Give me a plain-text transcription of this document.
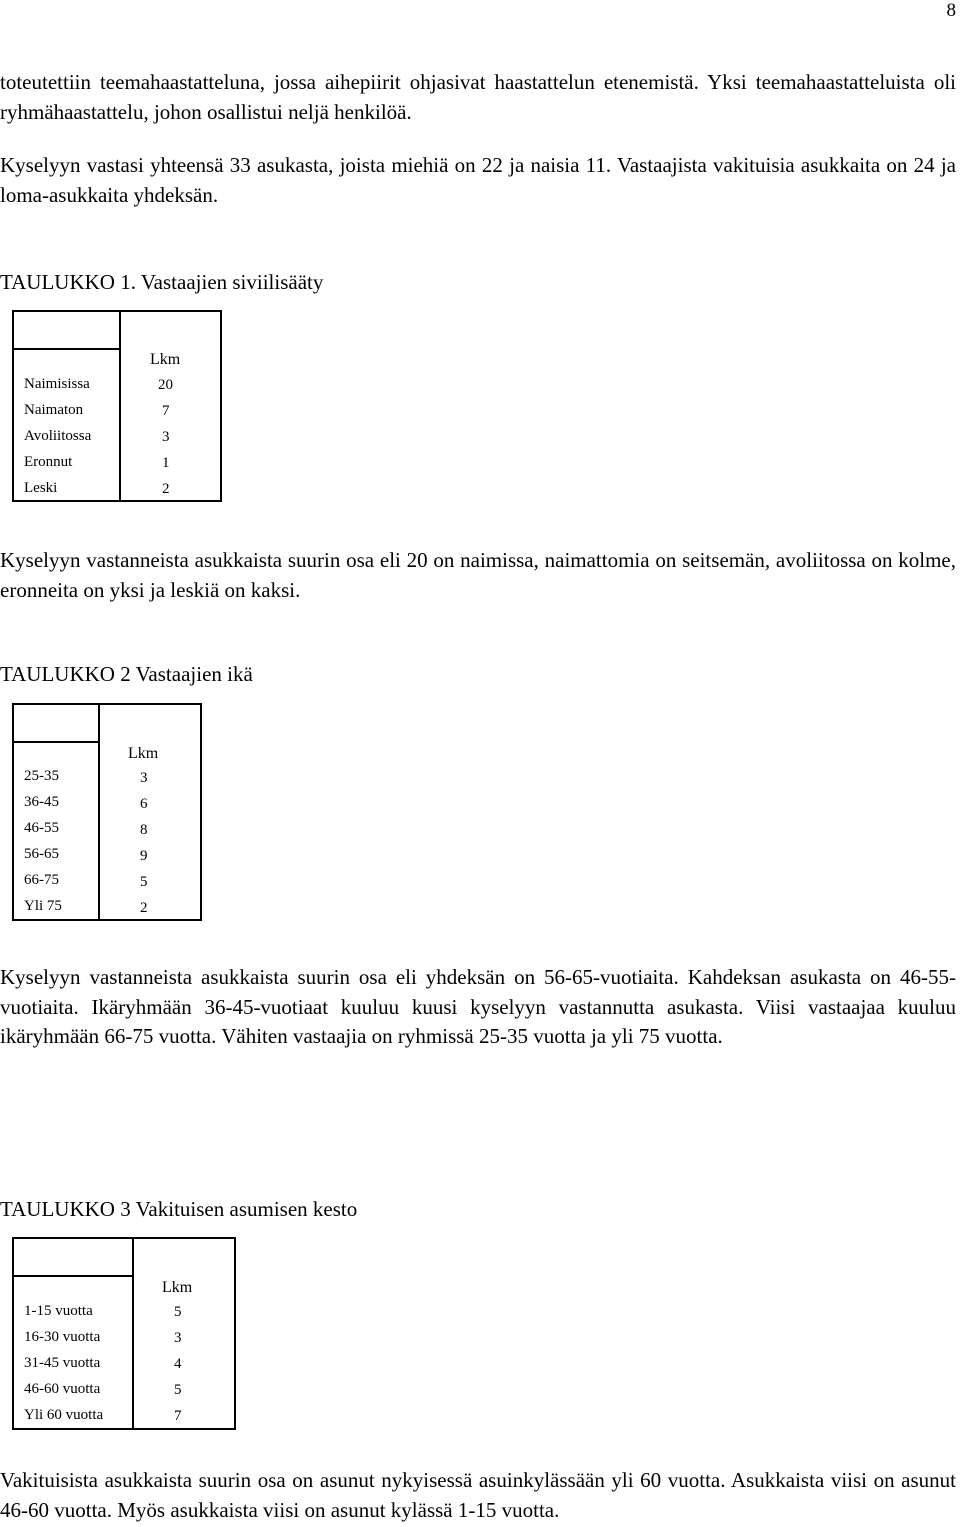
8

toteutettiin teemahaastatteluna, jossa aihepiirit ohjasivat haastattelun etenemistä. Yksi teemahaastatteluista oli ryhmähaastattelu, johon osallistui neljä henkilöä.

Kyselyyn vastasi yhteensä 33 asukasta, joista miehiä on 22 ja naisia 11. Vastaajista vakituisia asukkaita on 24 ja loma-asukkaita yhdeksän.

TAULUKKO 1. Vastaajien siviilisääty
Lkm
Naimisissa	20
Naimaton	7
Avoliitossa	3
Eronnut	1
Leski	2

Kyselyyn vastanneista asukkaista suurin osa eli 20 on naimissa, naimattomia on seitsemän, avoliitossa on kolme, eronneita on yksi ja leskiä on kaksi.

TAULUKKO 2 Vastaajien ikä
Lkm
25-35	3
36-45	6
46-55	8
56-65	9
66-75	5
Yli 75	2

Kyselyyn vastanneista asukkaista suurin osa eli yhdeksän on 56-65-vuotiaita. Kahdeksan asukasta on 46-55-vuotiaita. Ikäryhmään 36-45-vuotiaat kuuluu kuusi kyselyyn vastannutta asukasta. Viisi vastaajaa kuuluu ikäryhmään 66-75 vuotta. Vähiten vastaajia on ryhmissä 25-35 vuotta ja yli 75 vuotta.

TAULUKKO 3 Vakituisen asumisen kesto
Lkm
1-15 vuotta	5
16-30 vuotta	3
31-45 vuotta	4
46-60 vuotta	5
Yli 60 vuotta	7

Vakituisista asukkaista suurin osa on asunut nykyisessä asuinkylässään yli 60 vuotta. Asukkaista viisi on asunut 46-60 vuotta. Myös asukkaista viisi on asunut kylässä 1-15 vuotta.
